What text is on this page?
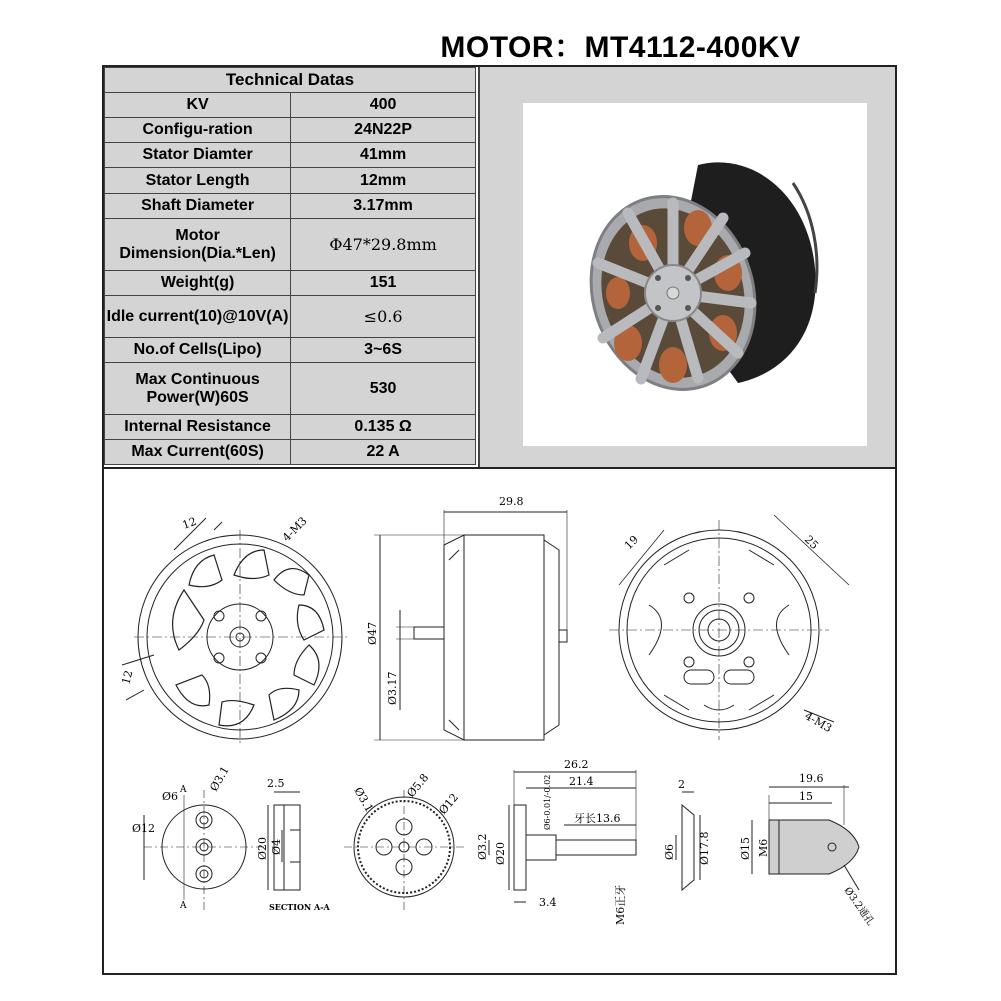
MOTOR：MT4112-400KV
Technical Datas	
KV	400
Configu-ration	24N22P
Stator Diamter	41mm
Stator Length	12mm
Shaft Diameter	3.17mm
Motor Dimension(Dia.*Len)	Φ47*29.8mm
Weight(g)	151
Idle current(10)@10V(A)	≤0.6
No.of Cells(Lipo)	3~6S
Max Continuous Power(W)60S	530
Internal Resistance	0.135 Ω
Max Current(60S)	22 A
12	4-M3
12
29.8
Ø47
Ø3.17
19	25
4-M3
Ø6
Ø3.1
Ø12
A
A
2.5
Ø20 Ø4
SECTION A-A
Ø3.1	Ø5.8
Ø12
26.2
21.4
Ø6-0.01/-0.02 牙长13.6
Ø20
Ø3.2
3.4	M6正牙
2
Ø6 Ø17.8
19.6
15
Ø15 M6
Ø3.2通孔
